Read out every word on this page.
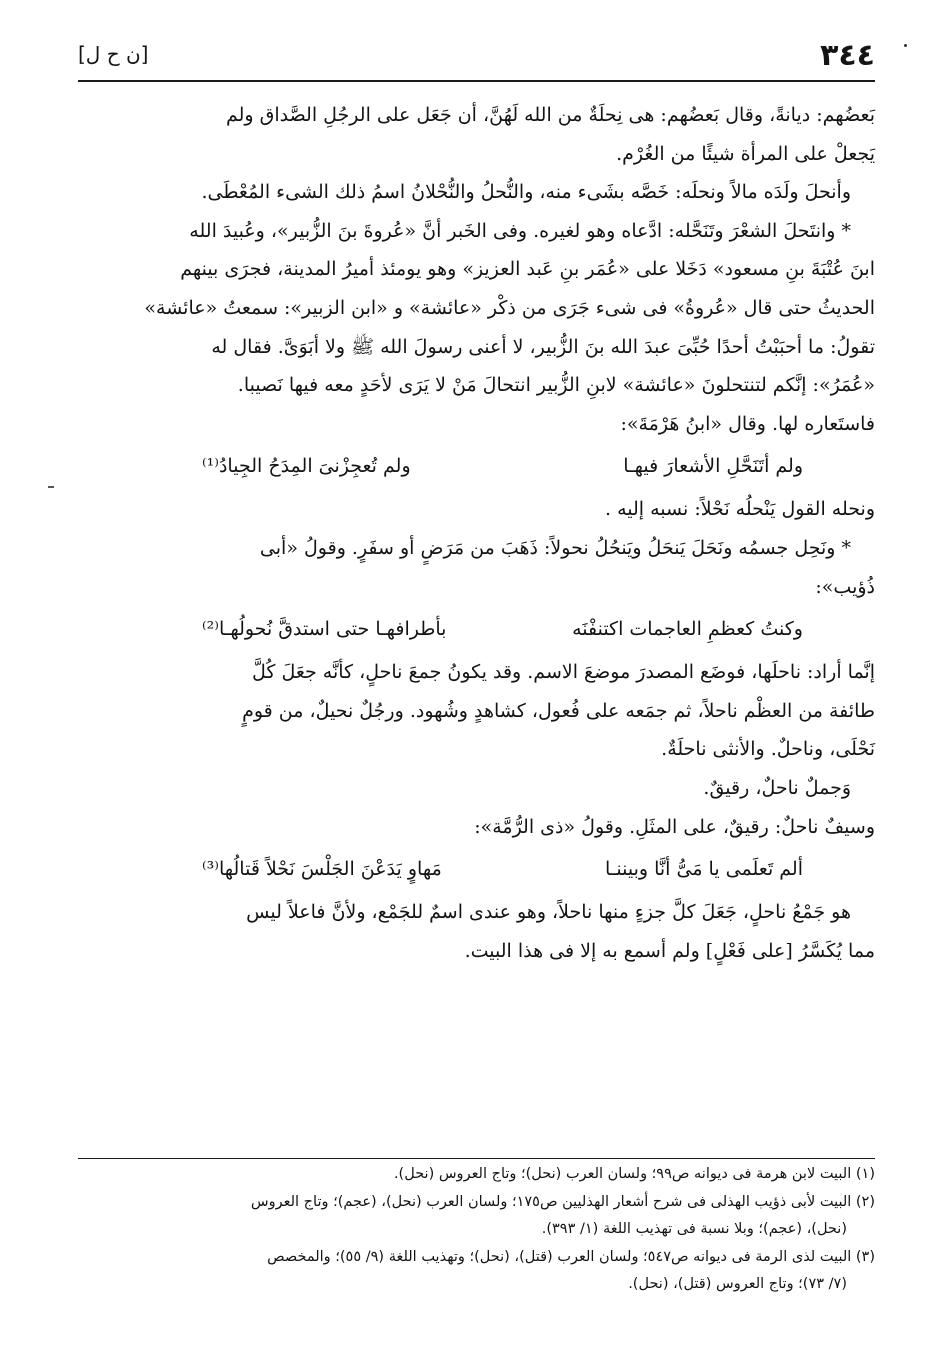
٣٤٤
[ن ح ل]

بَعضُهم: ديانةً، وقال بَعضُهم: هى نِحلَةٌ من الله لَهُنَّ، أن جَعَل على الرجُلِ الصَّداق ولم

يَجعلْ على المرأة شيئًا من الغُرْم.

وأنحلَ ولَدَه مالاً ونحلَه: خَصَّه بشَىء منه، والنُّحلُ والنُّحْلانُ اسمُ ذلك الشىء المُعْطَى.

* وانتَحلَ الشعْرَ وتَنَحَّله: ادَّعاه وهو لغيره. وفى الخَبر أنَّ «عُروةَ بنَ الزُّبير»، وعُبيدَ الله

ابنَ عُتْبَةَ بنِ مسعود» دَخَلا على «عُمَر بنِ عَبد العزيز» وهو يومئذ أميرُ المدينة، فجرَى بينهم

الحديثُ حتى قال «عُروةُ» فى شىء جَرَى من ذكْر «عائشة» و «ابن الزبير»: سمعتُ «عائشة»

تقولُ: ما أحبَبْتُ أحدًا حُبِّىَ عبدَ الله بنَ الزُّبير، لا أعنى رسولَ الله ﷺ ولا أبَوَىَّ. فقال له

«عُمَرُ»: إنَّكم لتنتحلونَ «عائشة» لابنِ الزُّبير انتحالَ مَنْ لا يَرَى لأحَدٍ معه فيها نَصيبا.

فاستَعاره لها. وقال «ابنُ هَرْمَةَ»:

ولم أتَنَحَّلِ الأشعارَ فيهـا
ولم تُعجِزْنىَ المِدَحُ الجِيادُ⁽¹⁾

ونحله القول يَنْحلُه نَحْلاً: نسبه إليه .

* ونَحِل جسمُه ونَحَلَ يَنحَلُ ويَنحُلُ نحولاً: ذَهَبَ من مَرَضٍ أو سفَرٍ. وقولُ «أبى

ذُؤيب»:

وكنتُ كعظمِ العاجمات اكتنفْنَه
بأطرافهـا حتى استدقَّ نُحولُهـا⁽²⁾

إنَّما أراد: ناحلَها، فوضَع المصدرَ موضعَ الاسم. وقد يكونُ جمعَ ناحلٍ، كأنَّه جعَلَ كُلَّ

طائفة من العظْم ناحلاً، ثم جمَعه على فُعول، كشاهدٍ وشُهود. ورجُلٌ نحيلٌ، من قومٍ

نَحْلَى، وناحلٌ. والأنثى ناحلَةٌ.

وَجملٌ ناحلٌ، رقيقٌ.

وسيفٌ ناحلٌ: رقيقٌ، على المثَلِ. وقولُ «ذى الرُّمَّة»:

ألم تَعلَمى يا مَىُّ أنَّا وبيننـا
مَهاوٍ يَدَعْنَ الجَلْسَ نَحْلاً قَتالُها⁽³⁾

هو جَمْعُ ناحلٍ، جَعَلَ كلَّ جزءٍ منها ناحلاً، وهو عندى اسمٌ للجَمْع، ولأنَّ فاعلاً ليس

مما يُكَسَّرُ [على فَعْلٍ] ولم أسمع به إلا فى هذا البيت.

(١) البيت لابن هرمة فى ديوانه ص٩٩؛ ولسان العرب (نحل)؛ وتاج العروس (نحل).

(٢) البيت لأبى ذؤيب الهذلى فى شرح أشعار الهذليين ص١٧٥؛ ولسان العرب (نحل)، (عجم)؛ وتاج العروس

(نحل)، (عجم)؛ وبلا نسبة فى تهذيب اللغة (١/ ٣٩٣).

(٣) البيت لذى الرمة فى ديوانه ص٥٤٧؛ ولسان العرب (قتل)، (نحل)؛ وتهذيب اللغة (٩/ ٥٥)؛ والمخصص

(٧/ ٧٣)؛ وتاج العروس (قتل)، (نحل).
